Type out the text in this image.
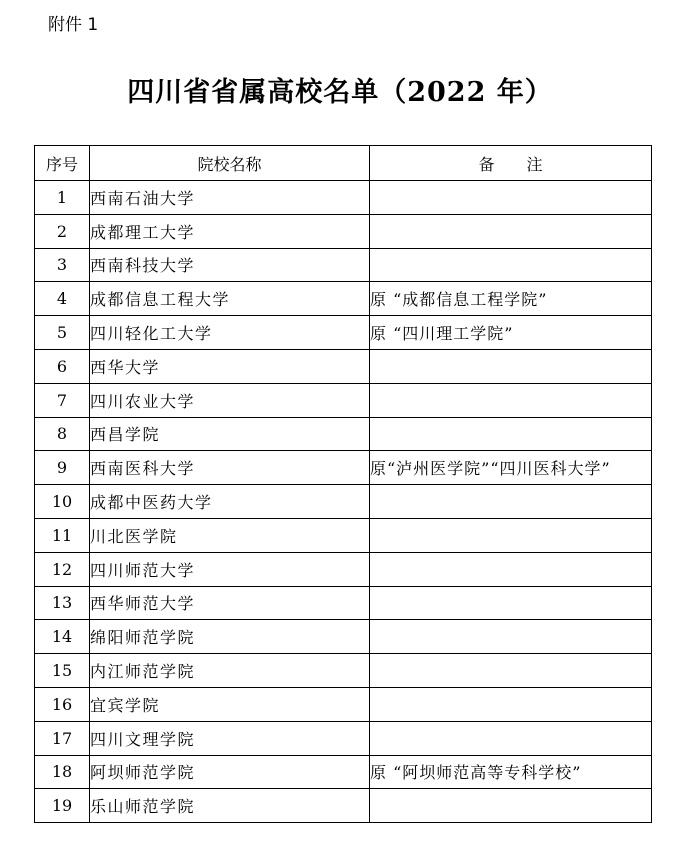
附件 1
四川省省属高校名单（2022 年）
序号	院校名称	备　　注
1	西南石油大学	
2	成都理工大学	
3	西南科技大学	
4	成都信息工程大学	原 “成都信息工程学院”
5	四川轻化工大学	原 “四川理工学院”
6	西华大学	
7	四川农业大学	
8	西昌学院	
9	西南医科大学	原“泸州医学院”“四川医科大学”
10	成都中医药大学	
11	川北医学院	
12	四川师范大学	
13	西华师范大学	
14	绵阳师范学院	
15	内江师范学院	
16	宜宾学院	
17	四川文理学院	
18	阿坝师范学院	原 “阿坝师范高等专科学校”
19	乐山师范学院	
